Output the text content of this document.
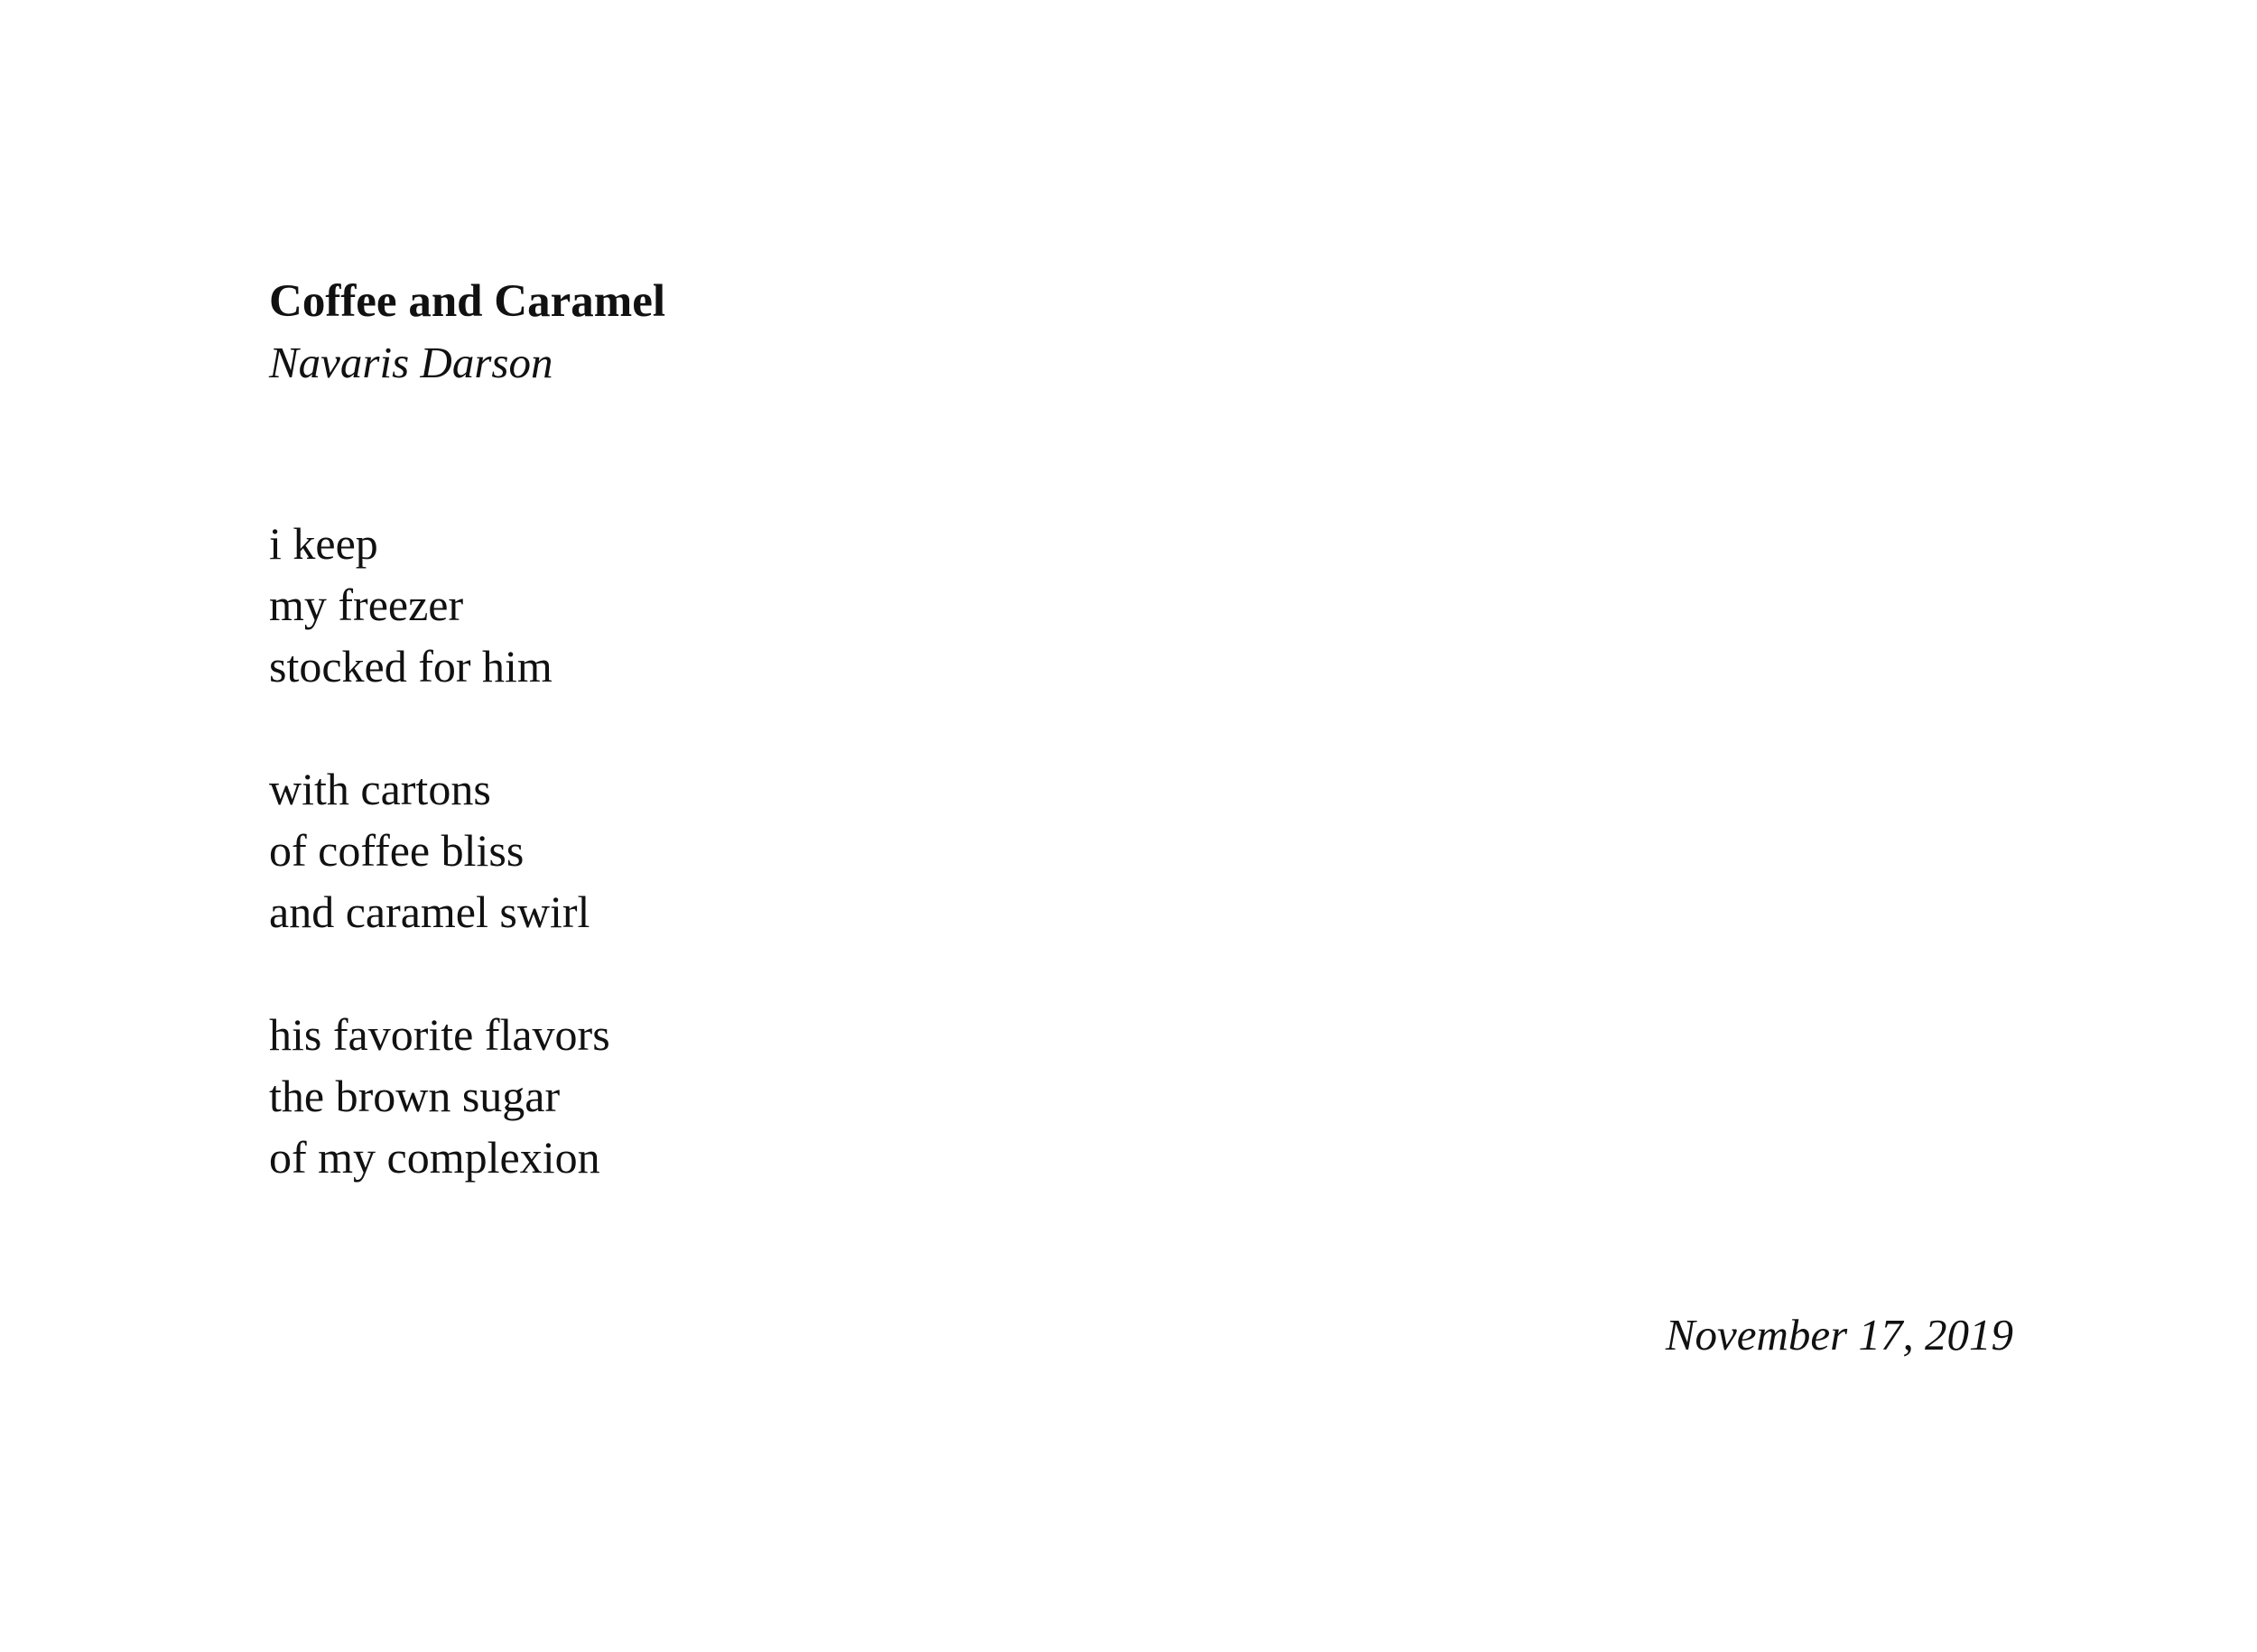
Coffee and Caramel

Navaris Darson

i keep
my freezer
stocked for him
with cartons
of coffee bliss
and caramel swirl
his favorite flavors
the brown sugar
of my complexion

November 17, 2019
